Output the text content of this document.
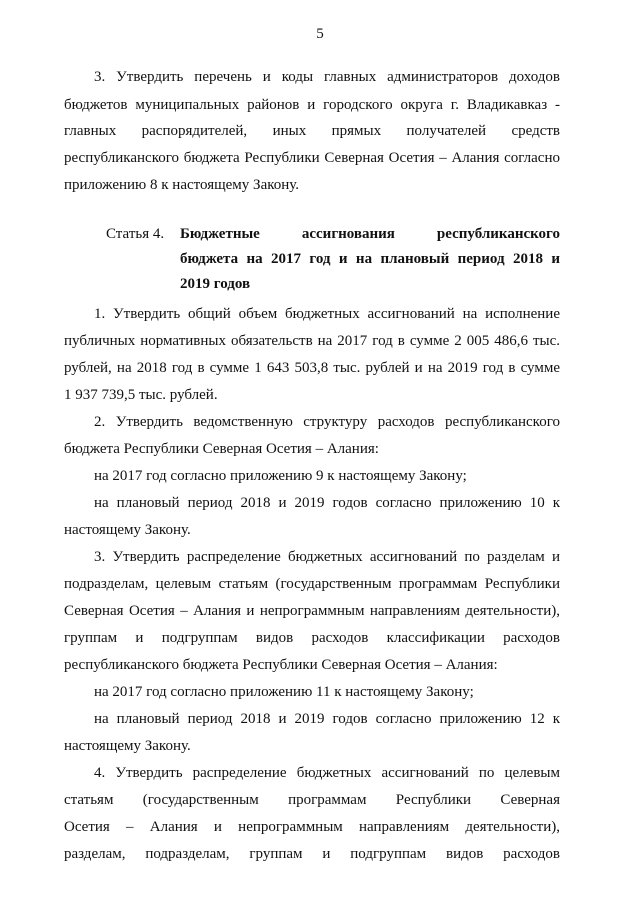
5

3. Утвердить перечень и коды главных администраторов доходов

бюджетов муниципальных районов и городского округа г. Владикавказ -

главных распорядителей, иных прямых получателей средств

республиканского бюджета Республики Северная Осетия – Алания согласно

приложению 8 к настоящему Закону.

Статья 4. Бюджетные ассигнования республиканского
бюджета на 2017 год и на плановый период 2018 и
2019 годов

1. Утвердить общий объем бюджетных ассигнований на исполнение

публичных нормативных обязательств на 2017 год в сумме 2 005 486,6 тыс.

рублей, на 2018 год в сумме 1 643 503,8 тыс. рублей и на 2019 год в сумме

1 937 739,5 тыс. рублей.

2. Утвердить ведомственную структуру расходов республиканского

бюджета Республики Северная Осетия – Алания:

на 2017 год согласно приложению 9 к настоящему Закону;

на плановый период 2018 и 2019 годов согласно приложению 10 к

настоящему Закону.

3. Утвердить распределение бюджетных ассигнований по разделам и

подразделам, целевым статьям (государственным программам Республики

Северная Осетия – Алания и непрограммным направлениям деятельности),

группам и подгруппам видов расходов классификации расходов

республиканского бюджета Республики Северная Осетия – Алания:

на 2017 год согласно приложению 11 к настоящему Закону;

на плановый период 2018 и 2019 годов согласно приложению 12 к

настоящему Закону.

4. Утвердить распределение бюджетных ассигнований по целевым

статьям (государственным программам Республики Северная

Осетия – Алания и непрограммным направлениям деятельности),

разделам, подразделам, группам и подгруппам видов расходов
